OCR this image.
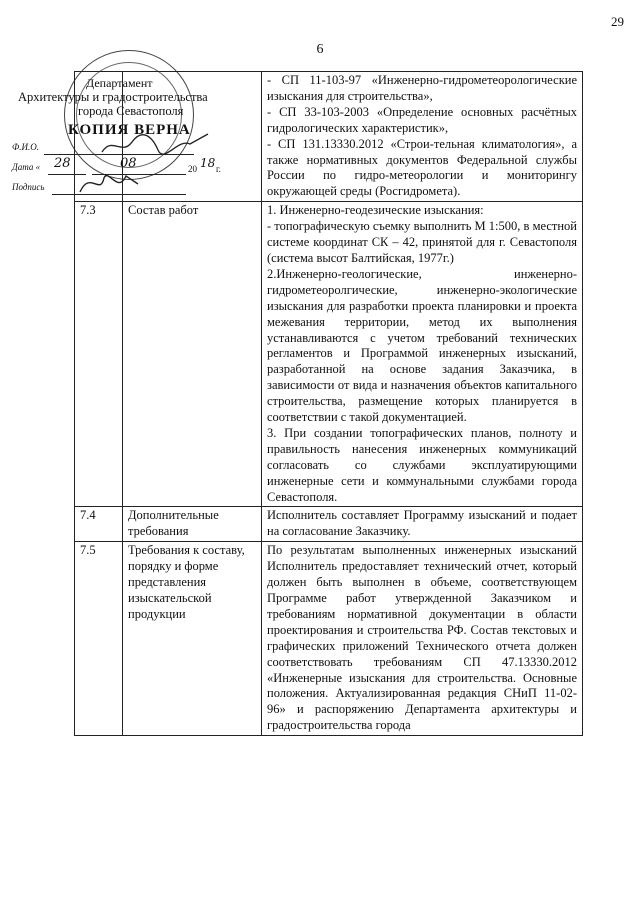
29
6
Департамент
Архитектуры и градостроительства
города Севастополя
КОПИЯ ВЕРНА
Ф.И.О.
Дата « 28	08	20 18 г.
Подпись

		- СП 11-103-97 «Инженерно-гидрометеорологические изыскания для строительства»,

- СП 33-103-2003 «Определение основных расчётных гидрологических характеристик»,

- СП 131.13330.2012 «Строи-тельная климатология», а также нормативных документов Федеральной службы России по гидро-метеорологии и мониторингу окружающей среды (Росгидромета).

7.3	Состав работ	1. Инженерно-геодезические изыскания:

- топографическую съемку выполнить М 1:500, в местной системе координат СК – 42, принятой для г. Севастополя (система высот Балтийская, 1977г.)

2.Инженерно-геологические, инженерно-гидрометеоролгические, инженерно-экологические изыскания для разработки проекта планировки и проекта межевания территории, метод их выполнения устанавливаются с учетом требований технических регламентов и Программой инженерных изысканий, разработанной на основе задания Заказчика, в зависимости от вида и назначения объектов капитального строительства, размещение которых планируется в соответствии с такой документацией.

3. При создании топографических планов, полноту и правильность нанесения инженерных коммуникаций согласовать со службами эксплуатирующими инженерные сети и коммунальными службами города Севастополя.

7.4	Дополнительные требования	Исполнитель составляет Программу изысканий и подает на согласование Заказчику.

7.5	Требования к составу, порядку и форме представления изыскательской продукции	По результатам выполненных инженерных изысканий Исполнитель предоставляет технический отчет, который должен быть выполнен в объеме, соответствующем Программе работ утвержденной Заказчиком и требованиям нормативной документации в области проектирования и строительства РФ. Состав текстовых и графических приложений Технического отчета должен соответствовать требованиям СП 47.13330.2012 «Инженерные изыскания для строительства. Основные положения. Актуализированная редакция СНиП 11-02-96» и распоряжению Департамента архитектуры и градостроительства города
